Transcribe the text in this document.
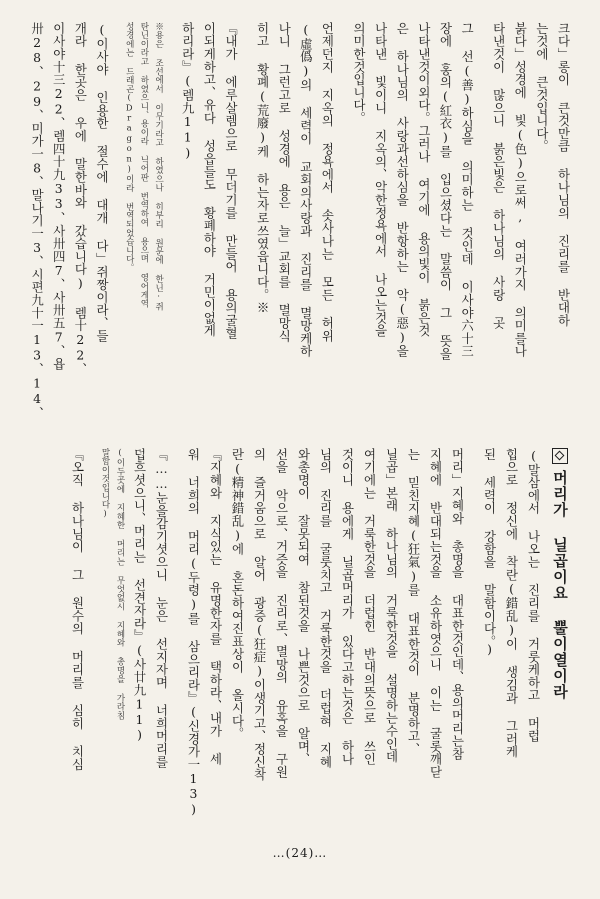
크다」롱이 큰것만큼 하나님의 진리를 반대하
는것에 큰것입니다。
붉다」성경에 빛(色)으로써, 여러가지 의미를나
타낸것이 많으니 붉은빛은 하나님의 사랑 곳
그 선(善)하심을 의미하는 것인데 이사야六十三
장에 홍의(紅衣)를 입으셨다는 말씀이 그 뜻을
나타낸것이외다。그러나 여기에 용의빛이 붉은것
은 하나님의 사랑과선하심을 반항하는 악(惡)을
나타낸 빛이니 지옥의、악한정욕에서 나오는것을
의미한것입니다。
언제던지 지옥의 정욕에서 솟사나는 모든 허위
(虛僞)의 세력이 교회의사랑과 진리를 멸망케하
나니 그런고로 성경에 용은 늘」교회를 멸망식
히고 황폐(荒廢)케 하는자로쓰였읍니다。※
『내가 에루살렘으로 무더기를 만들어 용의굴혈
이되게하고、유다 성읍들도 황폐하야 거민이없게
하리라』(렘九11)
※용은 조선에서 이무기라고 하였으나 히부리 원문에 한닌·쥐
탄닌이라고 하였으니、용이라 닉어판 번역하여 용으며 영어게역
성경에는 드래곤(Dragon)이라 번역되었습니다。
(이사야 인용한 절수에 대개 다」쥐짱이라、들
개라 한곳은 우에 말한바와 갔습니다) 렘十22、
이사야十三22、렘四十九33、사卅四7、사卅五7、욥
卅28、29、미가一8、말나기一3、시편九十一13、14、
머리가 닐곱이요 뿔이열이라
(말삼에서 나오는 진리를 거룻케하고 머럽
힙으로 정신에 착란(錯乱)이 생김과 그러케
된 세력이 강함을 말함이다。)
머리」지혜와 총명을 대표한것인데、용의머리는참
지혜에 반대되는것을 소유하엿으니 이는 굴롯깨닫
는 믿친지혜(狂氣)를 대표한것이 분명하고、
닐곱」본래 하나님의 거룩한것을 설명하는수인데
여기에는 거룩한것을 더럽힌 반대의뜻으로 쓰인
것이니 용에게 닐곱머리가 있다고하는것은 하나
님의 진리를 굴룻치고 거룩한것을 더럽혀 지혜
와총명이 잘못되여 참된것을 나쁜것으로 알며、
선을 악으로、거즛을 진리로、멸망의 유혹을 구원
의 즐거움으로 알어 광증(狂症)이생기고、정신착
란(精神錯乱)에 혼돈하여진표상이 올시다。
『지혜와 지식있는 유명한자를 택하라、내가 세
워 너희의 머리(두령)를 삼으리라』(신경가一13)
『……눈을감기셧으니 눈은 선지자며 너희머리를
덥흐셧으니、머리는 선견자라』(사廿九11)
(이두곳에 지혜한 머리는 무엇없시 지혜와 총명을 가라침
말함이것입니다)
『오직 하나님이 그 원수의 머리를 심히 치심
…(24)…
